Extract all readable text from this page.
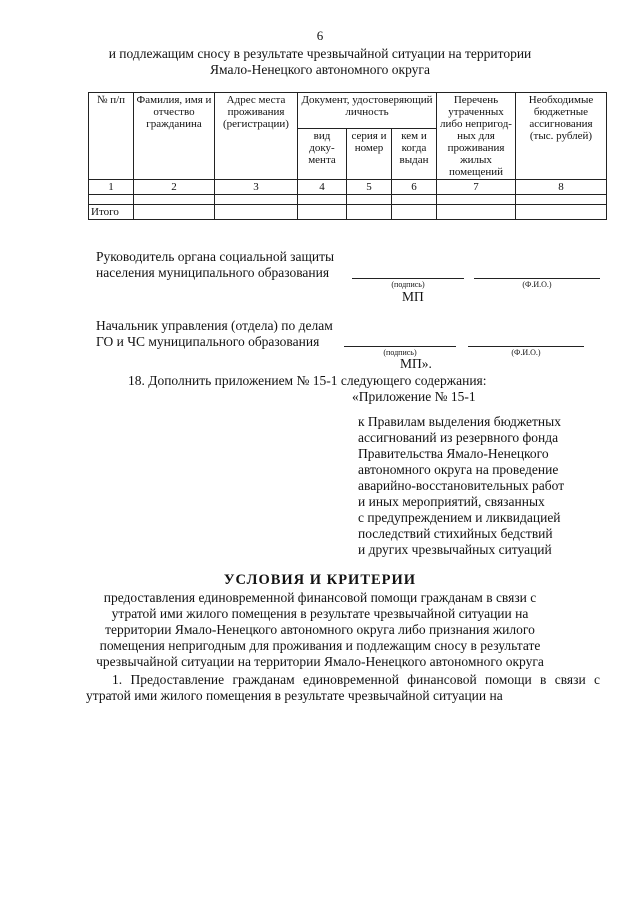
6
и подлежащим сносу в результате чрезвычайной ситуации на территории
Ямало-Ненецкого автономного округа
№ п/п	Фамилия, имя и отчество гражданина	Адрес места проживания (регистрации)	Документ, удостоверяющий личность			Перечень утраченных либо непригод-ных для проживания жилых помещений	Необходимые бюджетные ассигнования (тыс. рублей)
			вид доку-мента	серия и номер	кем и когда выдан		
1	2	3	4	5	6	7	8

Итого							
Руководитель органа социальной защиты
населения муниципального образования
(подпись)	(Ф.И.О.)
МП
Начальник управления (отдела) по делам
ГО и ЧС муниципального образования
(подпись)	(Ф.И.О.)
МП».
18. Дополнить приложением № 15-1 следующего содержания:
«Приложение № 15-1
к Правилам выделения бюджетных
ассигнований из резервного фонда
Правительства Ямало-Ненецкого
автономного округа на проведение
аварийно-восстановительных работ
и иных мероприятий, связанных
с предупреждением и ликвидацией
последствий стихийных бедствий
и других чрезвычайных ситуаций
УСЛОВИЯ И КРИТЕРИИ
предоставления единовременной финансовой помощи гражданам в связи с
утратой ими жилого помещения в результате чрезвычайной ситуации на
территории Ямало-Ненецкого автономного округа либо признания жилого
помещения непригодным для проживания и подлежащим сносу в результате
чрезвычайной ситуации на территории Ямало-Ненецкого автономного округа
1. Предоставление гражданам единовременной финансовой помощи в связи с утратой ими жилого помещения в результате чрезвычайной ситуации на
